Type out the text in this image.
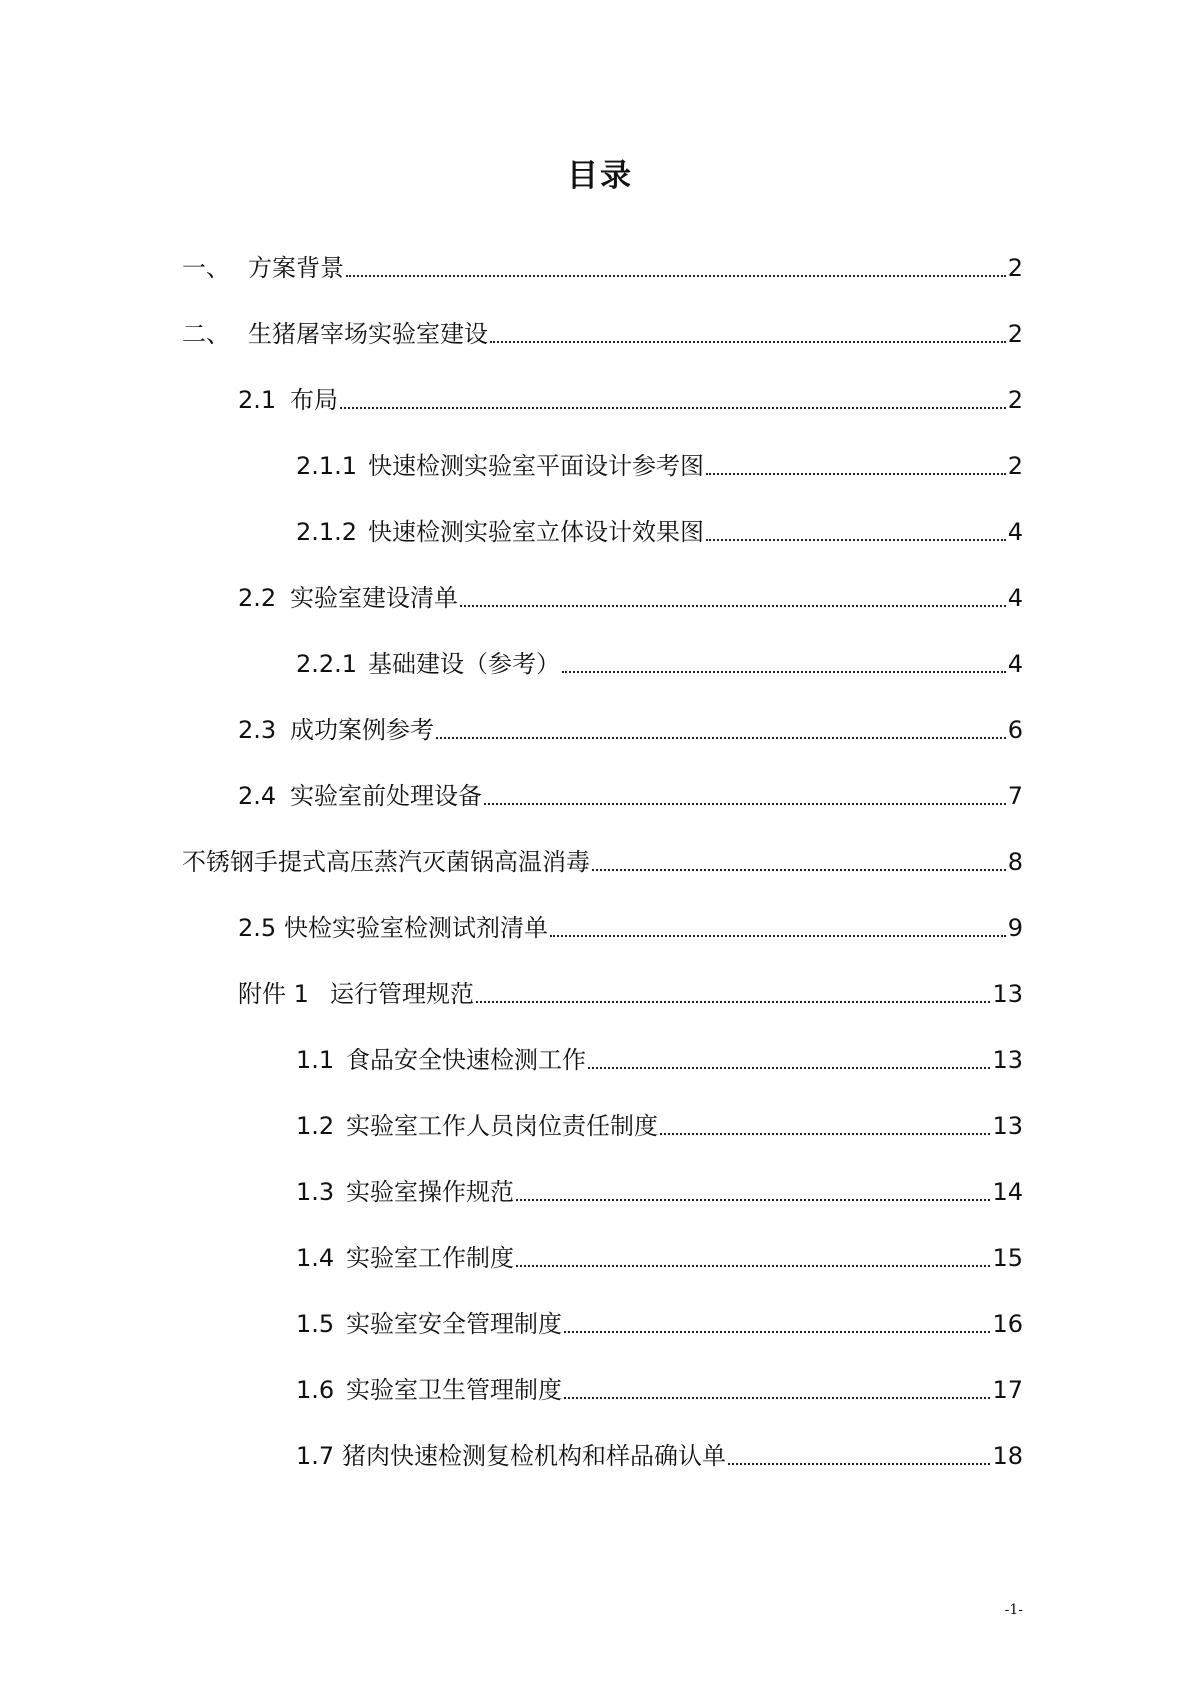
目录
一、 方案背景	2
二、 生猪屠宰场实验室建设	2
2.1 布局	2
2.1.1 快速检测实验室平面设计参考图	2
2.1.2 快速检测实验室立体设计效果图	4
2.2 实验室建设清单	4
2.2.1 基础建设（参考）	4
2.3 成功案例参考	6
2.4 实验室前处理设备	7
不锈钢手提式高压蒸汽灭菌锅高温消毒	8
2.5 快检实验室检测试剂清单	9
附件 1 运行管理规范	13
1.1 食品安全快速检测工作	13
1.2 实验室工作人员岗位责任制度	13
1.3 实验室操作规范	14
1.4 实验室工作制度	15
1.5 实验室安全管理制度	16
1.6 实验室卫生管理制度	17
1.7 猪肉快速检测复检机构和样品确认单	18
-1-
